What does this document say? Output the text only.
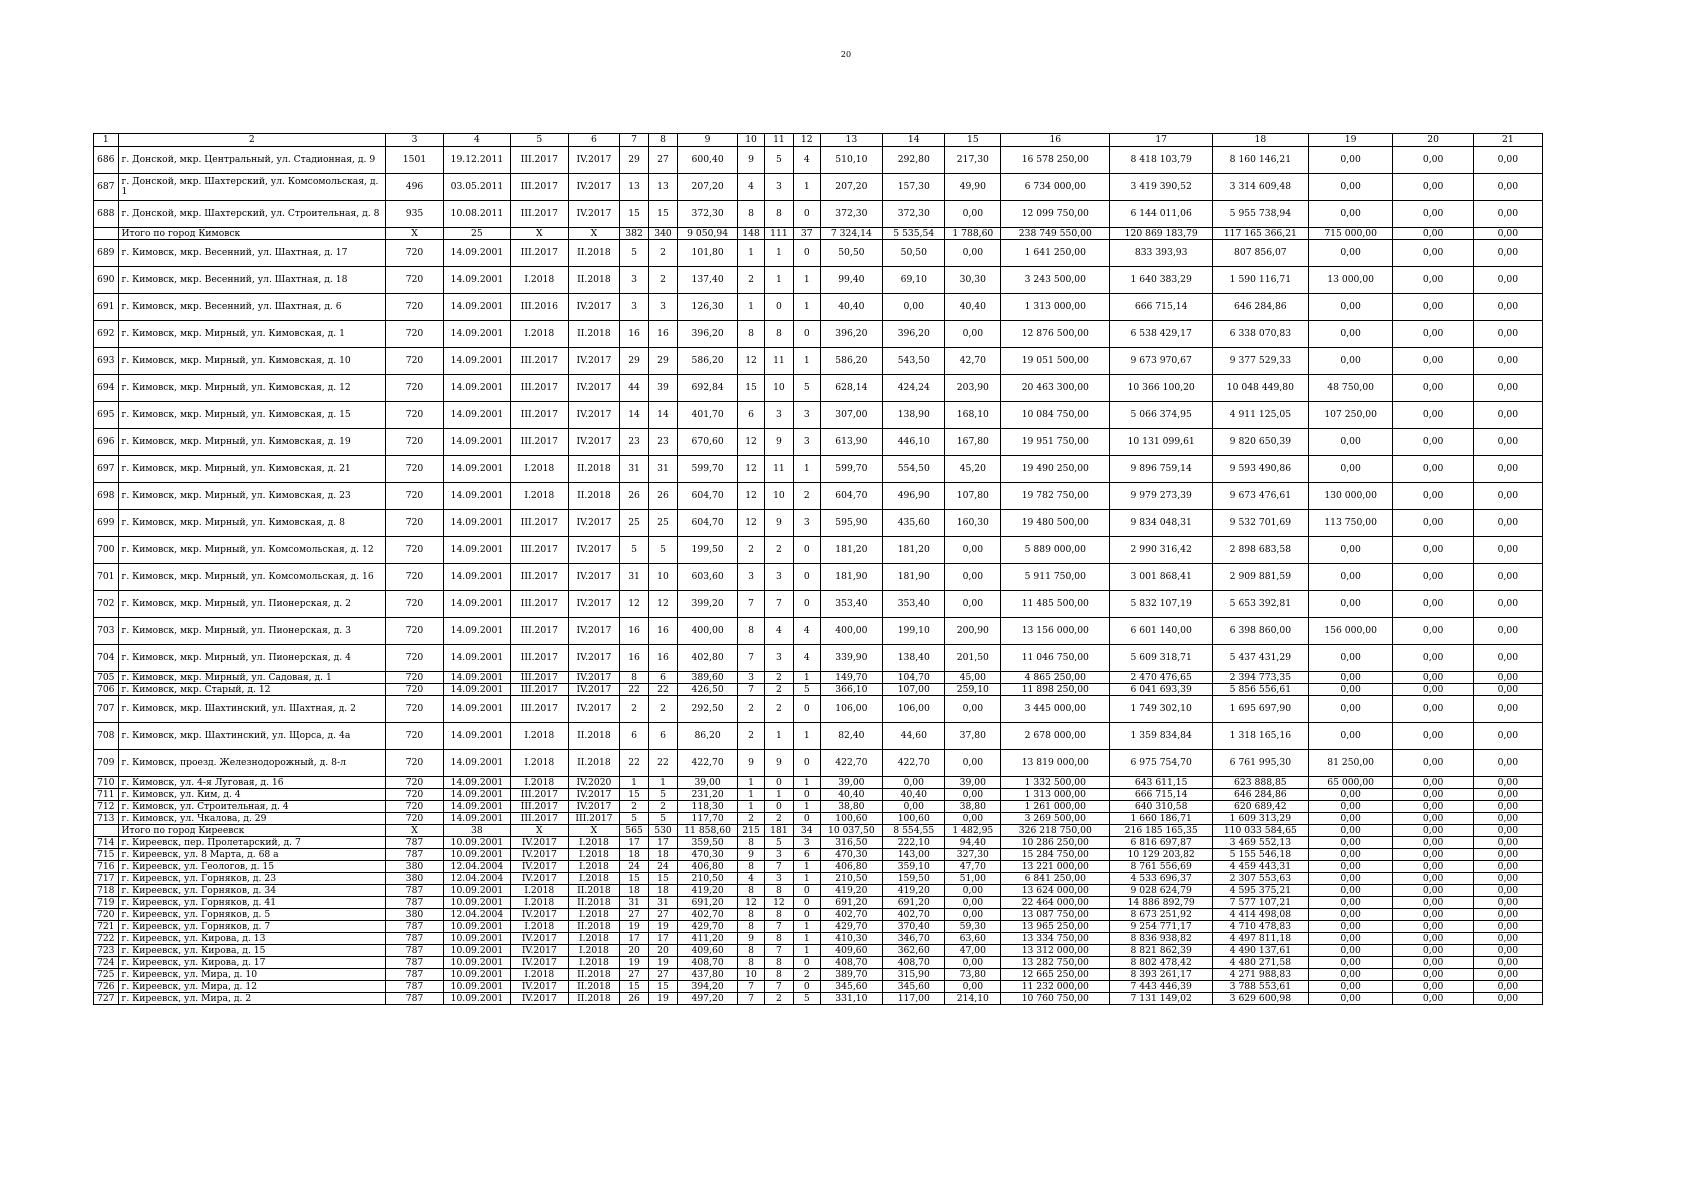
20
1	2	3	4	5	6	7	8	9	10	11	12	13	14	15	16	17	18	19	20	21
686	г. Донской, мкр. Центральный, ул. Стадионная, д. 9	1501	19.12.2011	III.2017	IV.2017	29	27	600,40	9	5	4	510,10	292,80	217,30	16 578 250,00	8 418 103,79	8 160 146,21	0,00	0,00	0,00
687	г. Донской, мкр. Шахтерский, ул. Комсомольская, д. 1	496	03.05.2011	III.2017	IV.2017	13	13	207,20	4	3	1	207,20	157,30	49,90	6 734 000,00	3 419 390,52	3 314 609,48	0,00	0,00	0,00
688	г. Донской, мкр. Шахтерский, ул. Строительная, д. 8	935	10.08.2011	III.2017	IV.2017	15	15	372,30	8	8	0	372,30	372,30	0,00	12 099 750,00	6 144 011,06	5 955 738,94	0,00	0,00	0,00
	Итого по город Кимовск	X	25	X	X	382	340	9 050,94	148	111	37	7 324,14	5 535,54	1 788,60	238 749 550,00	120 869 183,79	117 165 366,21	715 000,00	0,00	0,00
689	г. Кимовск, мкр. Весенний, ул. Шахтная, д. 17	720	14.09.2001	III.2017	II.2018	5	2	101,80	1	1	0	50,50	50,50	0,00	1 641 250,00	833 393,93	807 856,07	0,00	0,00	0,00
690	г. Кимовск, мкр. Весенний, ул. Шахтная, д. 18	720	14.09.2001	I.2018	II.2018	3	2	137,40	2	1	1	99,40	69,10	30,30	3 243 500,00	1 640 383,29	1 590 116,71	13 000,00	0,00	0,00
691	г. Кимовск, мкр. Весенний, ул. Шахтная, д. 6	720	14.09.2001	III.2016	IV.2017	3	3	126,30	1	0	1	40,40	0,00	40,40	1 313 000,00	666 715,14	646 284,86	0,00	0,00	0,00
692	г. Кимовск, мкр. Мирный, ул. Кимовская, д. 1	720	14.09.2001	I.2018	II.2018	16	16	396,20	8	8	0	396,20	396,20	0,00	12 876 500,00	6 538 429,17	6 338 070,83	0,00	0,00	0,00
693	г. Кимовск, мкр. Мирный, ул. Кимовская, д. 10	720	14.09.2001	III.2017	IV.2017	29	29	586,20	12	11	1	586,20	543,50	42,70	19 051 500,00	9 673 970,67	9 377 529,33	0,00	0,00	0,00
694	г. Кимовск, мкр. Мирный, ул. Кимовская, д. 12	720	14.09.2001	III.2017	IV.2017	44	39	692,84	15	10	5	628,14	424,24	203,90	20 463 300,00	10 366 100,20	10 048 449,80	48 750,00	0,00	0,00
695	г. Кимовск, мкр. Мирный, ул. Кимовская, д. 15	720	14.09.2001	III.2017	IV.2017	14	14	401,70	6	3	3	307,00	138,90	168,10	10 084 750,00	5 066 374,95	4 911 125,05	107 250,00	0,00	0,00
696	г. Кимовск, мкр. Мирный, ул. Кимовская, д. 19	720	14.09.2001	III.2017	IV.2017	23	23	670,60	12	9	3	613,90	446,10	167,80	19 951 750,00	10 131 099,61	9 820 650,39	0,00	0,00	0,00
697	г. Кимовск, мкр. Мирный, ул. Кимовская, д. 21	720	14.09.2001	I.2018	II.2018	31	31	599,70	12	11	1	599,70	554,50	45,20	19 490 250,00	9 896 759,14	9 593 490,86	0,00	0,00	0,00
698	г. Кимовск, мкр. Мирный, ул. Кимовская, д. 23	720	14.09.2001	I.2018	II.2018	26	26	604,70	12	10	2	604,70	496,90	107,80	19 782 750,00	9 979 273,39	9 673 476,61	130 000,00	0,00	0,00
699	г. Кимовск, мкр. Мирный, ул. Кимовская, д. 8	720	14.09.2001	III.2017	IV.2017	25	25	604,70	12	9	3	595,90	435,60	160,30	19 480 500,00	9 834 048,31	9 532 701,69	113 750,00	0,00	0,00
700	г. Кимовск, мкр. Мирный, ул. Комсомольская, д. 12	720	14.09.2001	III.2017	IV.2017	5	5	199,50	2	2	0	181,20	181,20	0,00	5 889 000,00	2 990 316,42	2 898 683,58	0,00	0,00	0,00
701	г. Кимовск, мкр. Мирный, ул. Комсомольская, д. 16	720	14.09.2001	III.2017	IV.2017	31	10	603,60	3	3	0	181,90	181,90	0,00	5 911 750,00	3 001 868,41	2 909 881,59	0,00	0,00	0,00
702	г. Кимовск, мкр. Мирный, ул. Пионерская, д. 2	720	14.09.2001	III.2017	IV.2017	12	12	399,20	7	7	0	353,40	353,40	0,00	11 485 500,00	5 832 107,19	5 653 392,81	0,00	0,00	0,00
703	г. Кимовск, мкр. Мирный, ул. Пионерская, д. 3	720	14.09.2001	III.2017	IV.2017	16	16	400,00	8	4	4	400,00	199,10	200,90	13 156 000,00	6 601 140,00	6 398 860,00	156 000,00	0,00	0,00
704	г. Кимовск, мкр. Мирный, ул. Пионерская, д. 4	720	14.09.2001	III.2017	IV.2017	16	16	402,80	7	3	4	339,90	138,40	201,50	11 046 750,00	5 609 318,71	5 437 431,29	0,00	0,00	0,00
705	г. Кимовск, мкр. Мирный, ул. Садовая, д. 1	720	14.09.2001	III.2017	IV.2017	8	6	389,60	3	2	1	149,70	104,70	45,00	4 865 250,00	2 470 476,65	2 394 773,35	0,00	0,00	0,00
706	г. Кимовск, мкр. Старый, д. 12	720	14.09.2001	III.2017	IV.2017	22	22	426,50	7	2	5	366,10	107,00	259,10	11 898 250,00	6 041 693,39	5 856 556,61	0,00	0,00	0,00
707	г. Кимовск, мкр. Шахтинский, ул. Шахтная, д. 2	720	14.09.2001	III.2017	IV.2017	2	2	292,50	2	2	0	106,00	106,00	0,00	3 445 000,00	1 749 302,10	1 695 697,90	0,00	0,00	0,00
708	г. Кимовск, мкр. Шахтинский, ул. Щорса, д. 4а	720	14.09.2001	I.2018	II.2018	6	6	86,20	2	1	1	82,40	44,60	37,80	2 678 000,00	1 359 834,84	1 318 165,16	0,00	0,00	0,00
709	г. Кимовск, проезд. Железнодорожный, д. 8-л	720	14.09.2001	I.2018	II.2018	22	22	422,70	9	9	0	422,70	422,70	0,00	13 819 000,00	6 975 754,70	6 761 995,30	81 250,00	0,00	0,00
710	г. Кимовск, ул. 4-я Луговая, д. 16	720	14.09.2001	I.2018	IV.2020	1	1	39,00	1	0	1	39,00	0,00	39,00	1 332 500,00	643 611,15	623 888,85	65 000,00	0,00	0,00
711	г. Кимовск, ул. Ким, д. 4	720	14.09.2001	III.2017	IV.2017	15	5	231,20	1	1	0	40,40	40,40	0,00	1 313 000,00	666 715,14	646 284,86	0,00	0,00	0,00
712	г. Кимовск, ул. Строительная, д. 4	720	14.09.2001	III.2017	IV.2017	2	2	118,30	1	0	1	38,80	0,00	38,80	1 261 000,00	640 310,58	620 689,42	0,00	0,00	0,00
713	г. Кимовск, ул. Чкалова, д. 29	720	14.09.2001	III.2017	III.2017	5	5	117,70	2	2	0	100,60	100,60	0,00	3 269 500,00	1 660 186,71	1 609 313,29	0,00	0,00	0,00
	Итого по город Киреевск	X	38	X	X	565	530	11 858,60	215	181	34	10 037,50	8 554,55	1 482,95	326 218 750,00	216 185 165,35	110 033 584,65	0,00	0,00	0,00
714	г. Киреевск, пер. Пролетарский, д. 7	787	10.09.2001	IV.2017	I.2018	17	17	359,50	8	5	3	316,50	222,10	94,40	10 286 250,00	6 816 697,87	3 469 552,13	0,00	0,00	0,00
715	г. Киреевск, ул. 8 Марта, д. 68 а	787	10.09.2001	IV.2017	I.2018	18	18	470,30	9	3	6	470,30	143,00	327,30	15 284 750,00	10 129 203,82	5 155 546,18	0,00	0,00	0,00
716	г. Киреевск, ул. Геологов, д. 15	380	12.04.2004	IV.2017	I.2018	24	24	406,80	8	7	1	406,80	359,10	47,70	13 221 000,00	8 761 556,69	4 459 443,31	0,00	0,00	0,00
717	г. Киреевск, ул. Горняков, д. 23	380	12.04.2004	IV.2017	I.2018	15	15	210,50	4	3	1	210,50	159,50	51,00	6 841 250,00	4 533 696,37	2 307 553,63	0,00	0,00	0,00
718	г. Киреевск, ул. Горняков, д. 34	787	10.09.2001	I.2018	II.2018	18	18	419,20	8	8	0	419,20	419,20	0,00	13 624 000,00	9 028 624,79	4 595 375,21	0,00	0,00	0,00
719	г. Киреевск, ул. Горняков, д. 41	787	10.09.2001	I.2018	II.2018	31	31	691,20	12	12	0	691,20	691,20	0,00	22 464 000,00	14 886 892,79	7 577 107,21	0,00	0,00	0,00
720	г. Киреевск, ул. Горняков, д. 5	380	12.04.2004	IV.2017	I.2018	27	27	402,70	8	8	0	402,70	402,70	0,00	13 087 750,00	8 673 251,92	4 414 498,08	0,00	0,00	0,00
721	г. Киреевск, ул. Горняков, д. 7	787	10.09.2001	I.2018	II.2018	19	19	429,70	8	7	1	429,70	370,40	59,30	13 965 250,00	9 254 771,17	4 710 478,83	0,00	0,00	0,00
722	г. Киреевск, ул. Кирова, д. 13	787	10.09.2001	IV.2017	I.2018	17	17	411,20	9	8	1	410,30	346,70	63,60	13 334 750,00	8 836 938,82	4 497 811,18	0,00	0,00	0,00
723	г. Киреевск, ул. Кирова, д. 15	787	10.09.2001	IV.2017	I.2018	20	20	409,60	8	7	1	409,60	362,60	47,00	13 312 000,00	8 821 862,39	4 490 137,61	0,00	0,00	0,00
724	г. Киреевск, ул. Кирова, д. 17	787	10.09.2001	IV.2017	I.2018	19	19	408,70	8	8	0	408,70	408,70	0,00	13 282 750,00	8 802 478,42	4 480 271,58	0,00	0,00	0,00
725	г. Киреевск, ул. Мира, д. 10	787	10.09.2001	I.2018	II.2018	27	27	437,80	10	8	2	389,70	315,90	73,80	12 665 250,00	8 393 261,17	4 271 988,83	0,00	0,00	0,00
726	г. Киреевск, ул. Мира, д. 12	787	10.09.2001	IV.2017	II.2018	15	15	394,20	7	7	0	345,60	345,60	0,00	11 232 000,00	7 443 446,39	3 788 553,61	0,00	0,00	0,00
727	г. Киреевск, ул. Мира, д. 2	787	10.09.2001	IV.2017	II.2018	26	19	497,20	7	2	5	331,10	117,00	214,10	10 760 750,00	7 131 149,02	3 629 600,98	0,00	0,00	0,00
